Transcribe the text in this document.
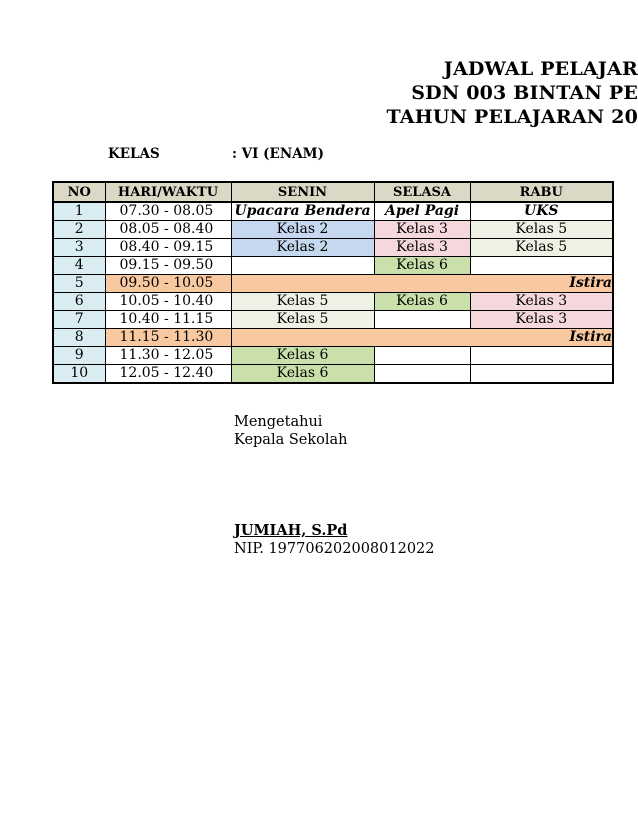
JADWAL PELAJAR
SDN 003 BINTAN PE
TAHUN PELAJARAN 20
KELAS	: VI (ENAM)
NO	HARI/WAKTU	SENIN	SELASA	RABU
1	07.30 - 08.05	Upacara Bendera	Apel Pagi	UKS
2	08.05 - 08.40	Kelas 2	Kelas 3	Kelas 5
3	08.40 - 09.15	Kelas 2	Kelas 3	Kelas 5
4	09.15 - 09.50		Kelas 6	
5	09.50 - 10.05	Istira		
6	10.05 - 10.40	Kelas 5	Kelas 6	Kelas 3
7	10.40 - 11.15	Kelas 5		Kelas 3
8	11.15 - 11.30	Istira		
9	11.30 - 12.05	Kelas 6		
10	12.05 - 12.40	Kelas 6		
Mengetahui
Kepala Sekolah
JUMIAH, S.Pd
NIP. 197706202008012022
